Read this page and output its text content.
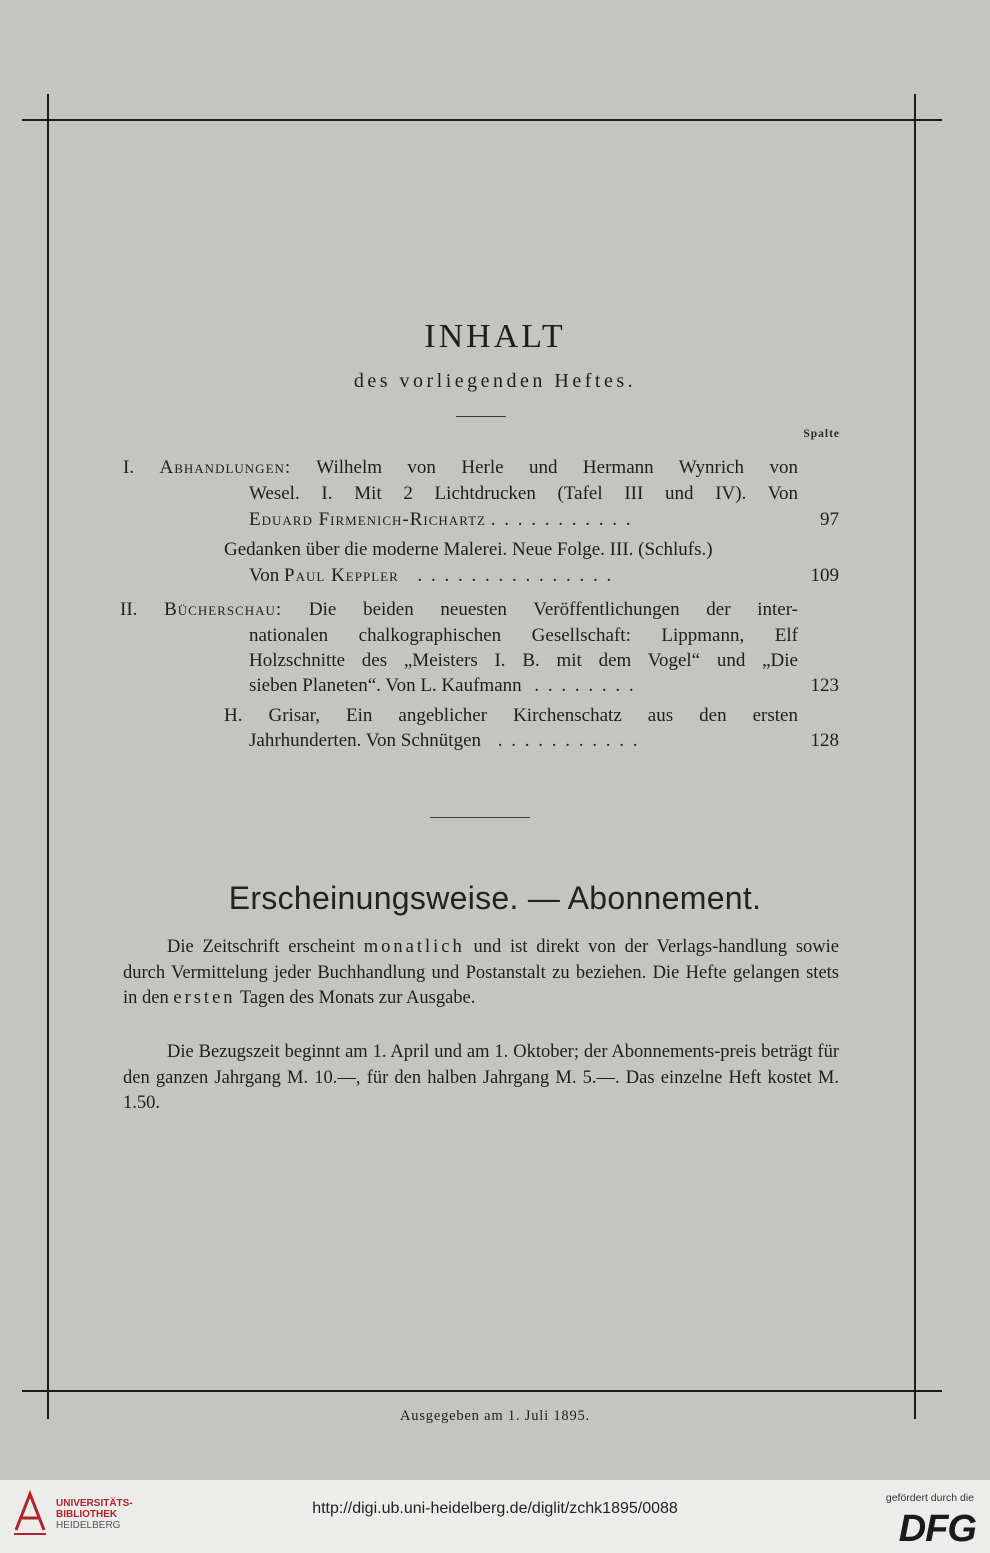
INHALT
des vorliegenden Heftes.
Spalte
I. Abhandlungen: Wilhelm von Herle und Hermann Wynrich von
Wesel. I. Mit 2 Lichtdrucken (Tafel III und IV). Von
Eduard Firmenich-Richartz . . . . . . . . . . .	97
Gedanken über die moderne Malerei. Neue Folge. III. (Schlufs.)
Von Paul Keppler . . . . . . . . . . . . . . .	109
II. Bücherschau: Die beiden neuesten Veröffentlichungen der inter-
nationalen chalkographischen Gesellschaft: Lippmann, Elf
Holzschnitte des „Meisters I. B. mit dem Vogel“ und „Die
sieben Planeten“. Von L. Kaufmann . . . . . . . .	123
H. Grisar, Ein angeblicher Kirchenschatz aus den ersten
Jahrhunderten. Von Schnütgen . . . . . . . . . . .	128
Erscheinungsweise. — Abonnement.
Die Zeitschrift erscheint monatlich und ist direkt von der Verlags-handlung sowie durch Vermittelung jeder Buchhandlung und Postanstalt zu beziehen. Die Hefte gelangen stets in den ersten Tagen des Monats zur Ausgabe.
Die Bezugszeit beginnt am 1. April und am 1. Oktober; der Abonnements-preis beträgt für den ganzen Jahrgang M. 10.—, für den halben Jahrgang M. 5.—. Das einzelne Heft kostet M. 1.50.
Ausgegeben am 1. Juli 1895.
UNIVERSITÄTS-
BIBLIOTHEK
HEIDELBERG
http://digi.ub.uni-heidelberg.de/diglit/zchk1895/0088
gefördert durch die
DFG
